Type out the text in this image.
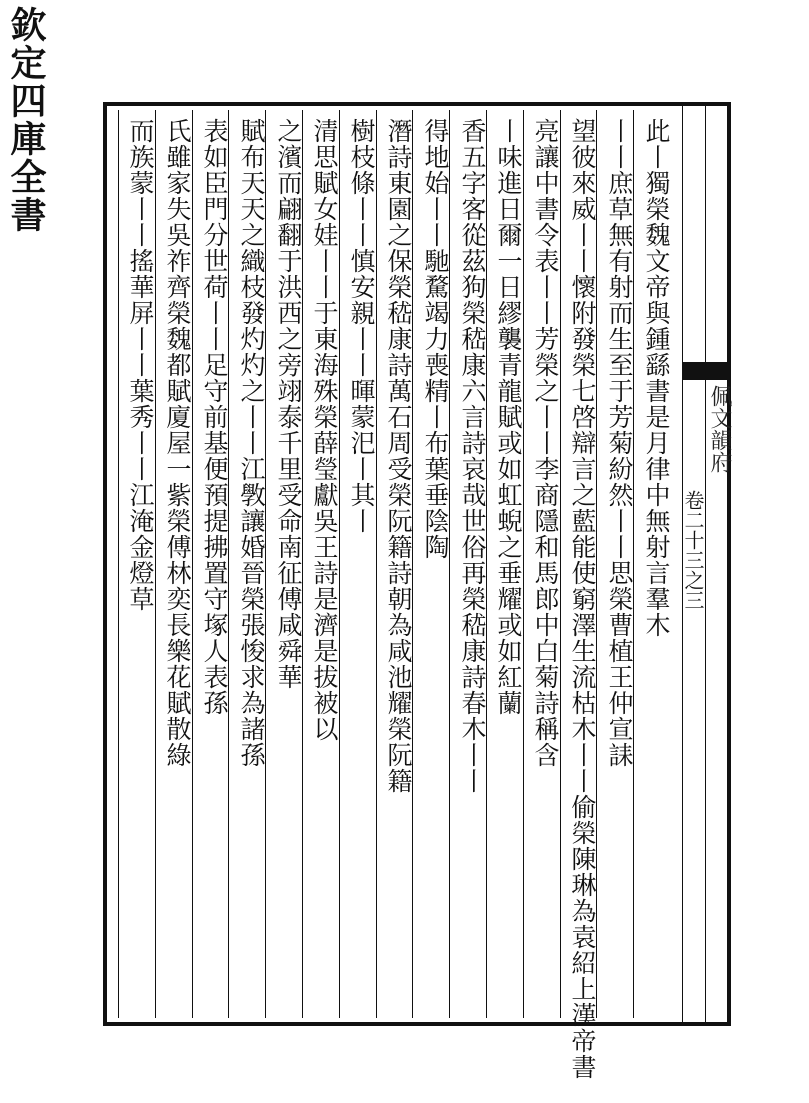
欽定四庫全書
佩文韻府
卷二十三之三
此丨獨榮魏文帝與鍾繇書是月律中無射言羣木
丨丨庶草無有射而生至于芳菊紛然丨丨思榮曹植王仲宣誄
望彼來威丨丨懷附發榮七啓辯言之藍能使窮澤生流枯木丨丨偷榮陳琳為袁紹上漢帝書
亮讓中書令表丨丨芳榮之丨丨李商隱和馬郎中白菊詩稱含
丨味進日爾一日繆襲青龍賦或如虹蜺之垂耀或如紅蘭
香五字客從茲狗榮嵇康六言詩哀哉世俗再榮嵇康詩春木丨丨
得地始丨丨馳騖竭力喪精丨布葉垂陰陶
潛詩東園之保榮嵇康詩萬石周受榮阮籍詩朝為咸池耀榮阮籍
樹枝條丨丨慎安親丨丨暉蒙汜丨其丨
清思賦女娃丨丨于東海殊榮薛瑩獻吳王詩是濟是拔被以
之濱而翩翻于洪西之旁翊泰千里受命南征傅咸舜華
賦布天天之織枝發灼灼之丨丨江斆讓婚晉榮張悛求為諸孫
表如臣門分世荷丨丨足守前基便預提拂置守塚人表孫
氏雖家失吳祚齊榮魏都賦廈屋一紫榮傅林奕長樂花賦散綠
而族蒙丨丨搖華屏丨丨葉秀丨丨江淹金燈草
